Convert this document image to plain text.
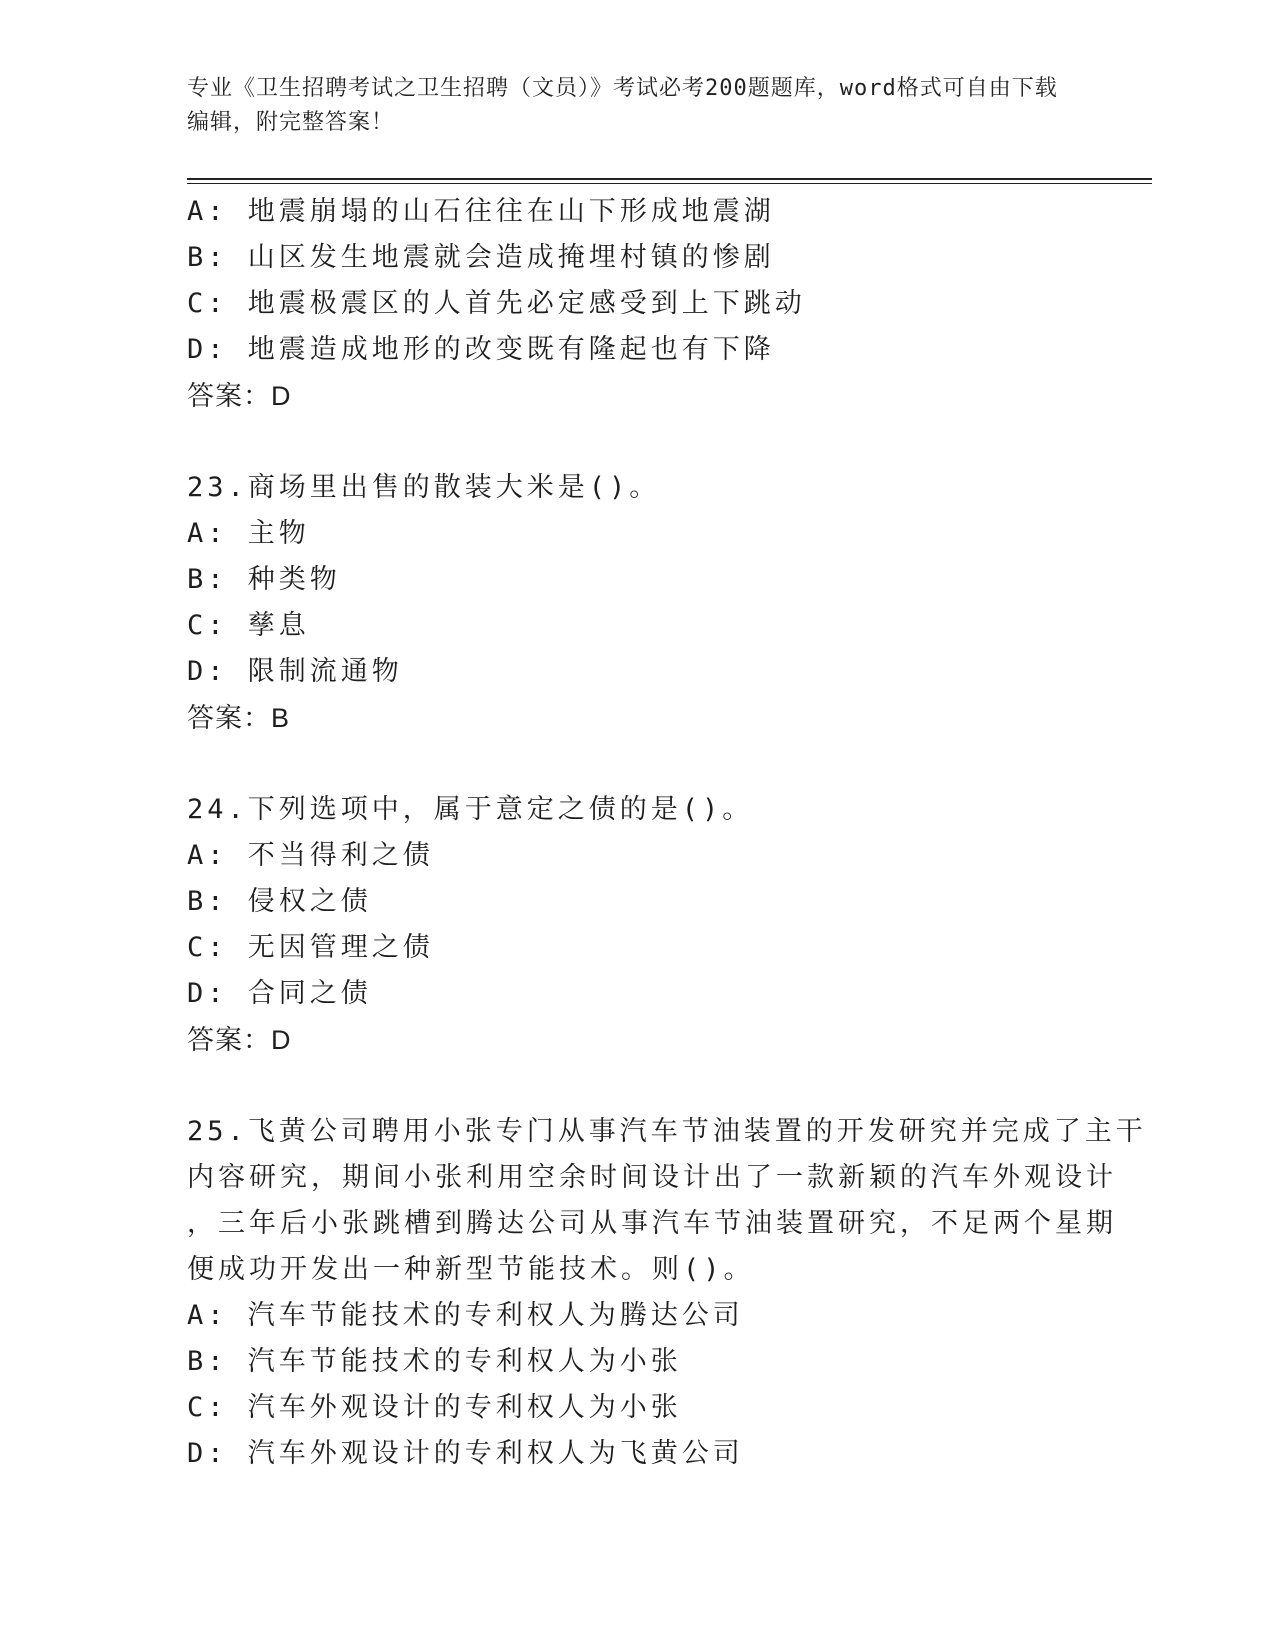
专业《卫生招聘考试之卫生招聘（文员）》考试必考200题题库，word格式可自由下载编辑，附完整答案！
A: 地震崩塌的山石往往在山下形成地震湖
B: 山区发生地震就会造成掩埋村镇的惨剧
C: 地震极震区的人首先必定感受到上下跳动
D: 地震造成地形的改变既有隆起也有下降
答案：D
23.商场里出售的散装大米是()。
A: 主物
B: 种类物
C: 孳息
D: 限制流通物
答案：B
24.下列选项中，属于意定之债的是()。
A: 不当得利之债
B: 侵权之债
C: 无因管理之债
D: 合同之债
答案：D
25.飞黄公司聘用小张专门从事汽车节油装置的开发研究并完成了主干
内容研究，期间小张利用空余时间设计出了一款新颖的汽车外观设计
，三年后小张跳槽到腾达公司从事汽车节油装置研究，不足两个星期
便成功开发出一种新型节能技术。则()。
A: 汽车节能技术的专利权人为腾达公司
B: 汽车节能技术的专利权人为小张
C: 汽车外观设计的专利权人为小张
D: 汽车外观设计的专利权人为飞黄公司
